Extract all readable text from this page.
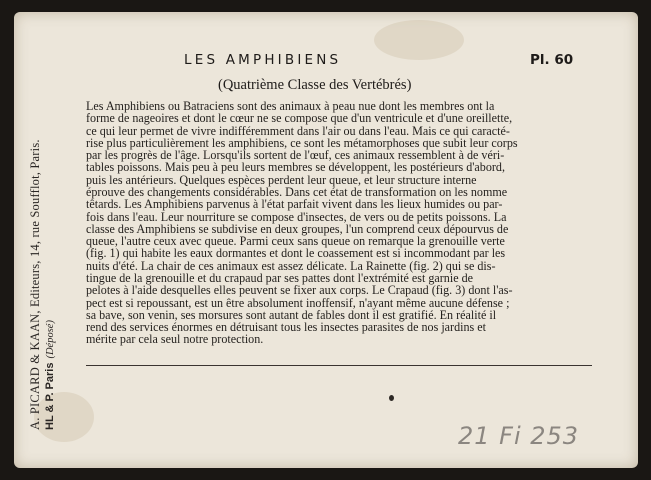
A. PICARD & KAAN, Editeurs, 14, rue Soufflot, Paris. HL & P. Paris(Déposé)
LES AMPHIBIENS	Pl. 60
(Quatrième Classe des Vertébrés)
Les Amphibiens ou Batraciens sont des animaux à peau nue dont les membres ont la
forme de nageoires et dont le cœur ne se compose que d'un ventricule et d'une oreillette,
ce qui leur permet de vivre indifféremment dans l'air ou dans l'eau. Mais ce qui caracté-
rise plus particulièrement les amphibiens, ce sont les métamorphoses que subit leur corps
par les progrès de l'âge. Lorsqu'ils sortent de l'œuf, ces animaux ressemblent à de véri-
tables poissons. Mais peu à peu leurs membres se développent, les postérieurs d'abord,
puis les antérieurs. Quelques espèces perdent leur queue, et leur structure interne
éprouve des changements considérables. Dans cet état de transformation on les nomme
têtards. Les Amphibiens parvenus à l'état parfait vivent dans les lieux humides ou par-
fois dans l'eau. Leur nourriture se compose d'insectes, de vers ou de petits poissons. La
classe des Amphibiens se subdivise en deux groupes, l'un comprend ceux dépourvus de
queue, l'autre ceux avec queue. Parmi ceux sans queue on remarque la grenouille verte
(fig. 1) qui habite les eaux dormantes et dont le coassement est si incommodant par les
nuits d'été. La chair de ces animaux est assez délicate. La Rainette (fig. 2) qui se dis-
tingue de la grenouille et du crapaud par ses pattes dont l'extrémité est garnie de
pelotes à l'aide desquelles elles peuvent se fixer aux corps. Le Crapaud (fig. 3) dont l'as-
pect est si repoussant, est un être absolument inoffensif, n'ayant même aucune défense ;
sa bave, son venin, ses morsures sont autant de fables dont il est gratifié. En réalité il
rend des services énormes en détruisant tous les insectes parasites de nos jardins et
mérite par cela seul notre protection.
21 Fi 253
